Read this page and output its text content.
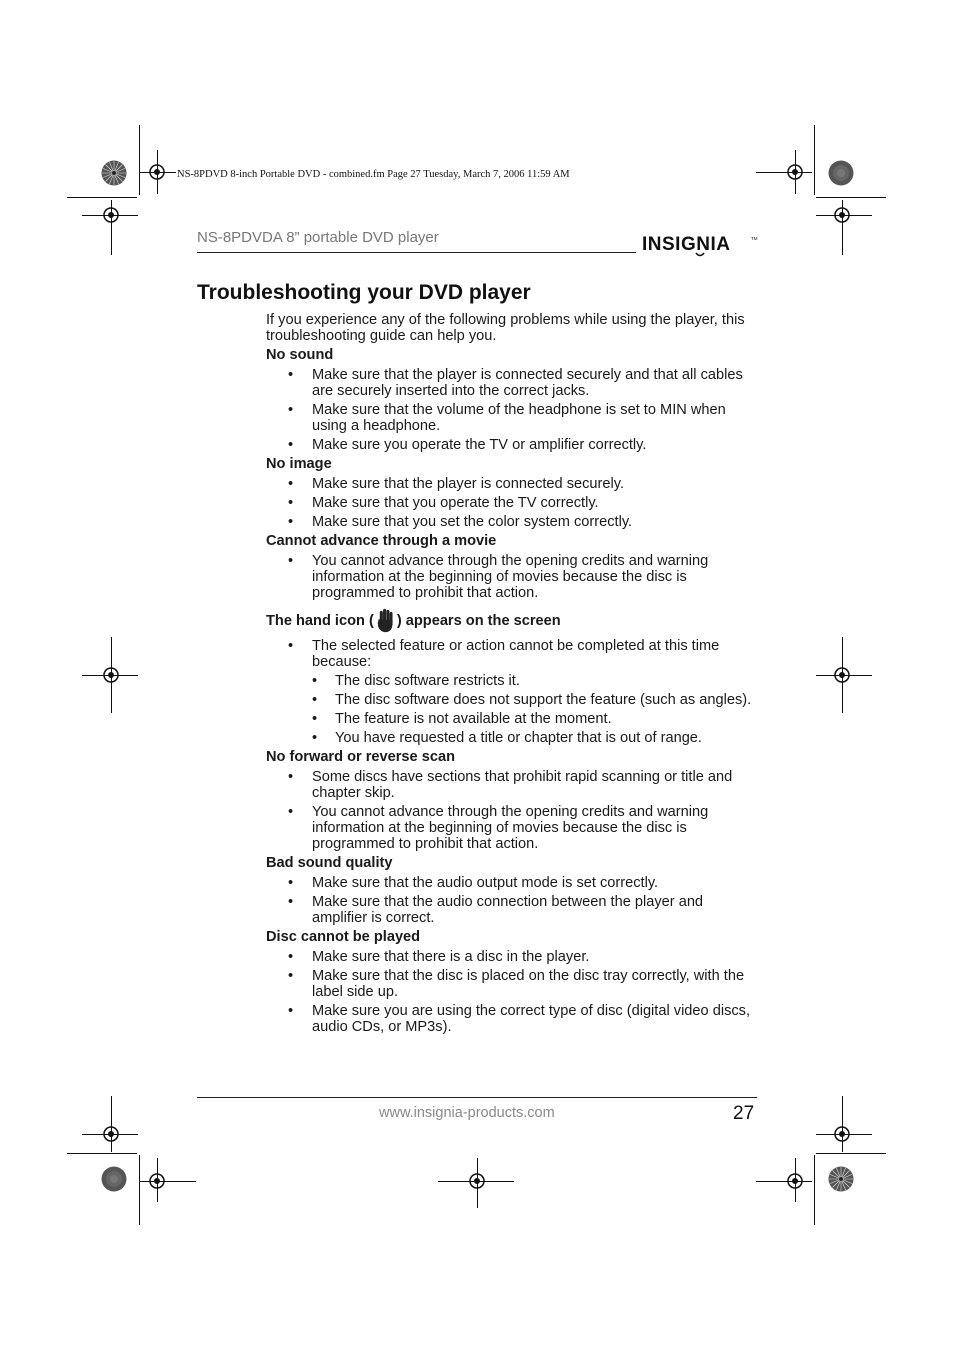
NS-8PDVD 8-inch Portable DVD - combined.fm Page 27 Tuesday, March 7, 2006 11:59 AM
NS-8PDVDA 8” portable DVD player	INSIGNIA	TM
Troubleshooting your DVD player

If you experience any of the following problems while using the player, this troubleshooting guide can help you.

No sound
• Make sure that the player is connected securely and that all cables are securely inserted into the correct jacks.
• Make sure that the volume of the headphone is set to MIN when using a headphone.
• Make sure you operate the TV or amplifier correctly.
No image
• Make sure that the player is connected securely.
• Make sure that you operate the TV correctly.
• Make sure that you set the color system correctly.
Cannot advance through a movie
• You cannot advance through the opening credits and warning information at the beginning of movies because the disc is programmed to prohibit that action.
The hand icon ( ) appears on the screen
• The selected feature or action cannot be completed at this time because:
• The disc software restricts it.
• The disc software does not support the feature (such as angles).
• The feature is not available at the moment.
• You have requested a title or chapter that is out of range.
No forward or reverse scan
• Some discs have sections that prohibit rapid scanning or title and chapter skip.
• You cannot advance through the opening credits and warning information at the beginning of movies because the disc is programmed to prohibit that action.
Bad sound quality
• Make sure that the audio output mode is set correctly.
• Make sure that the audio connection between the player and amplifier is correct.
Disc cannot be played
• Make sure that there is a disc in the player.
• Make sure that the disc is placed on the disc tray correctly, with the label side up.
• Make sure you are using the correct type of disc (digital video discs, audio CDs, or MP3s).
www.insignia-products.com	27
